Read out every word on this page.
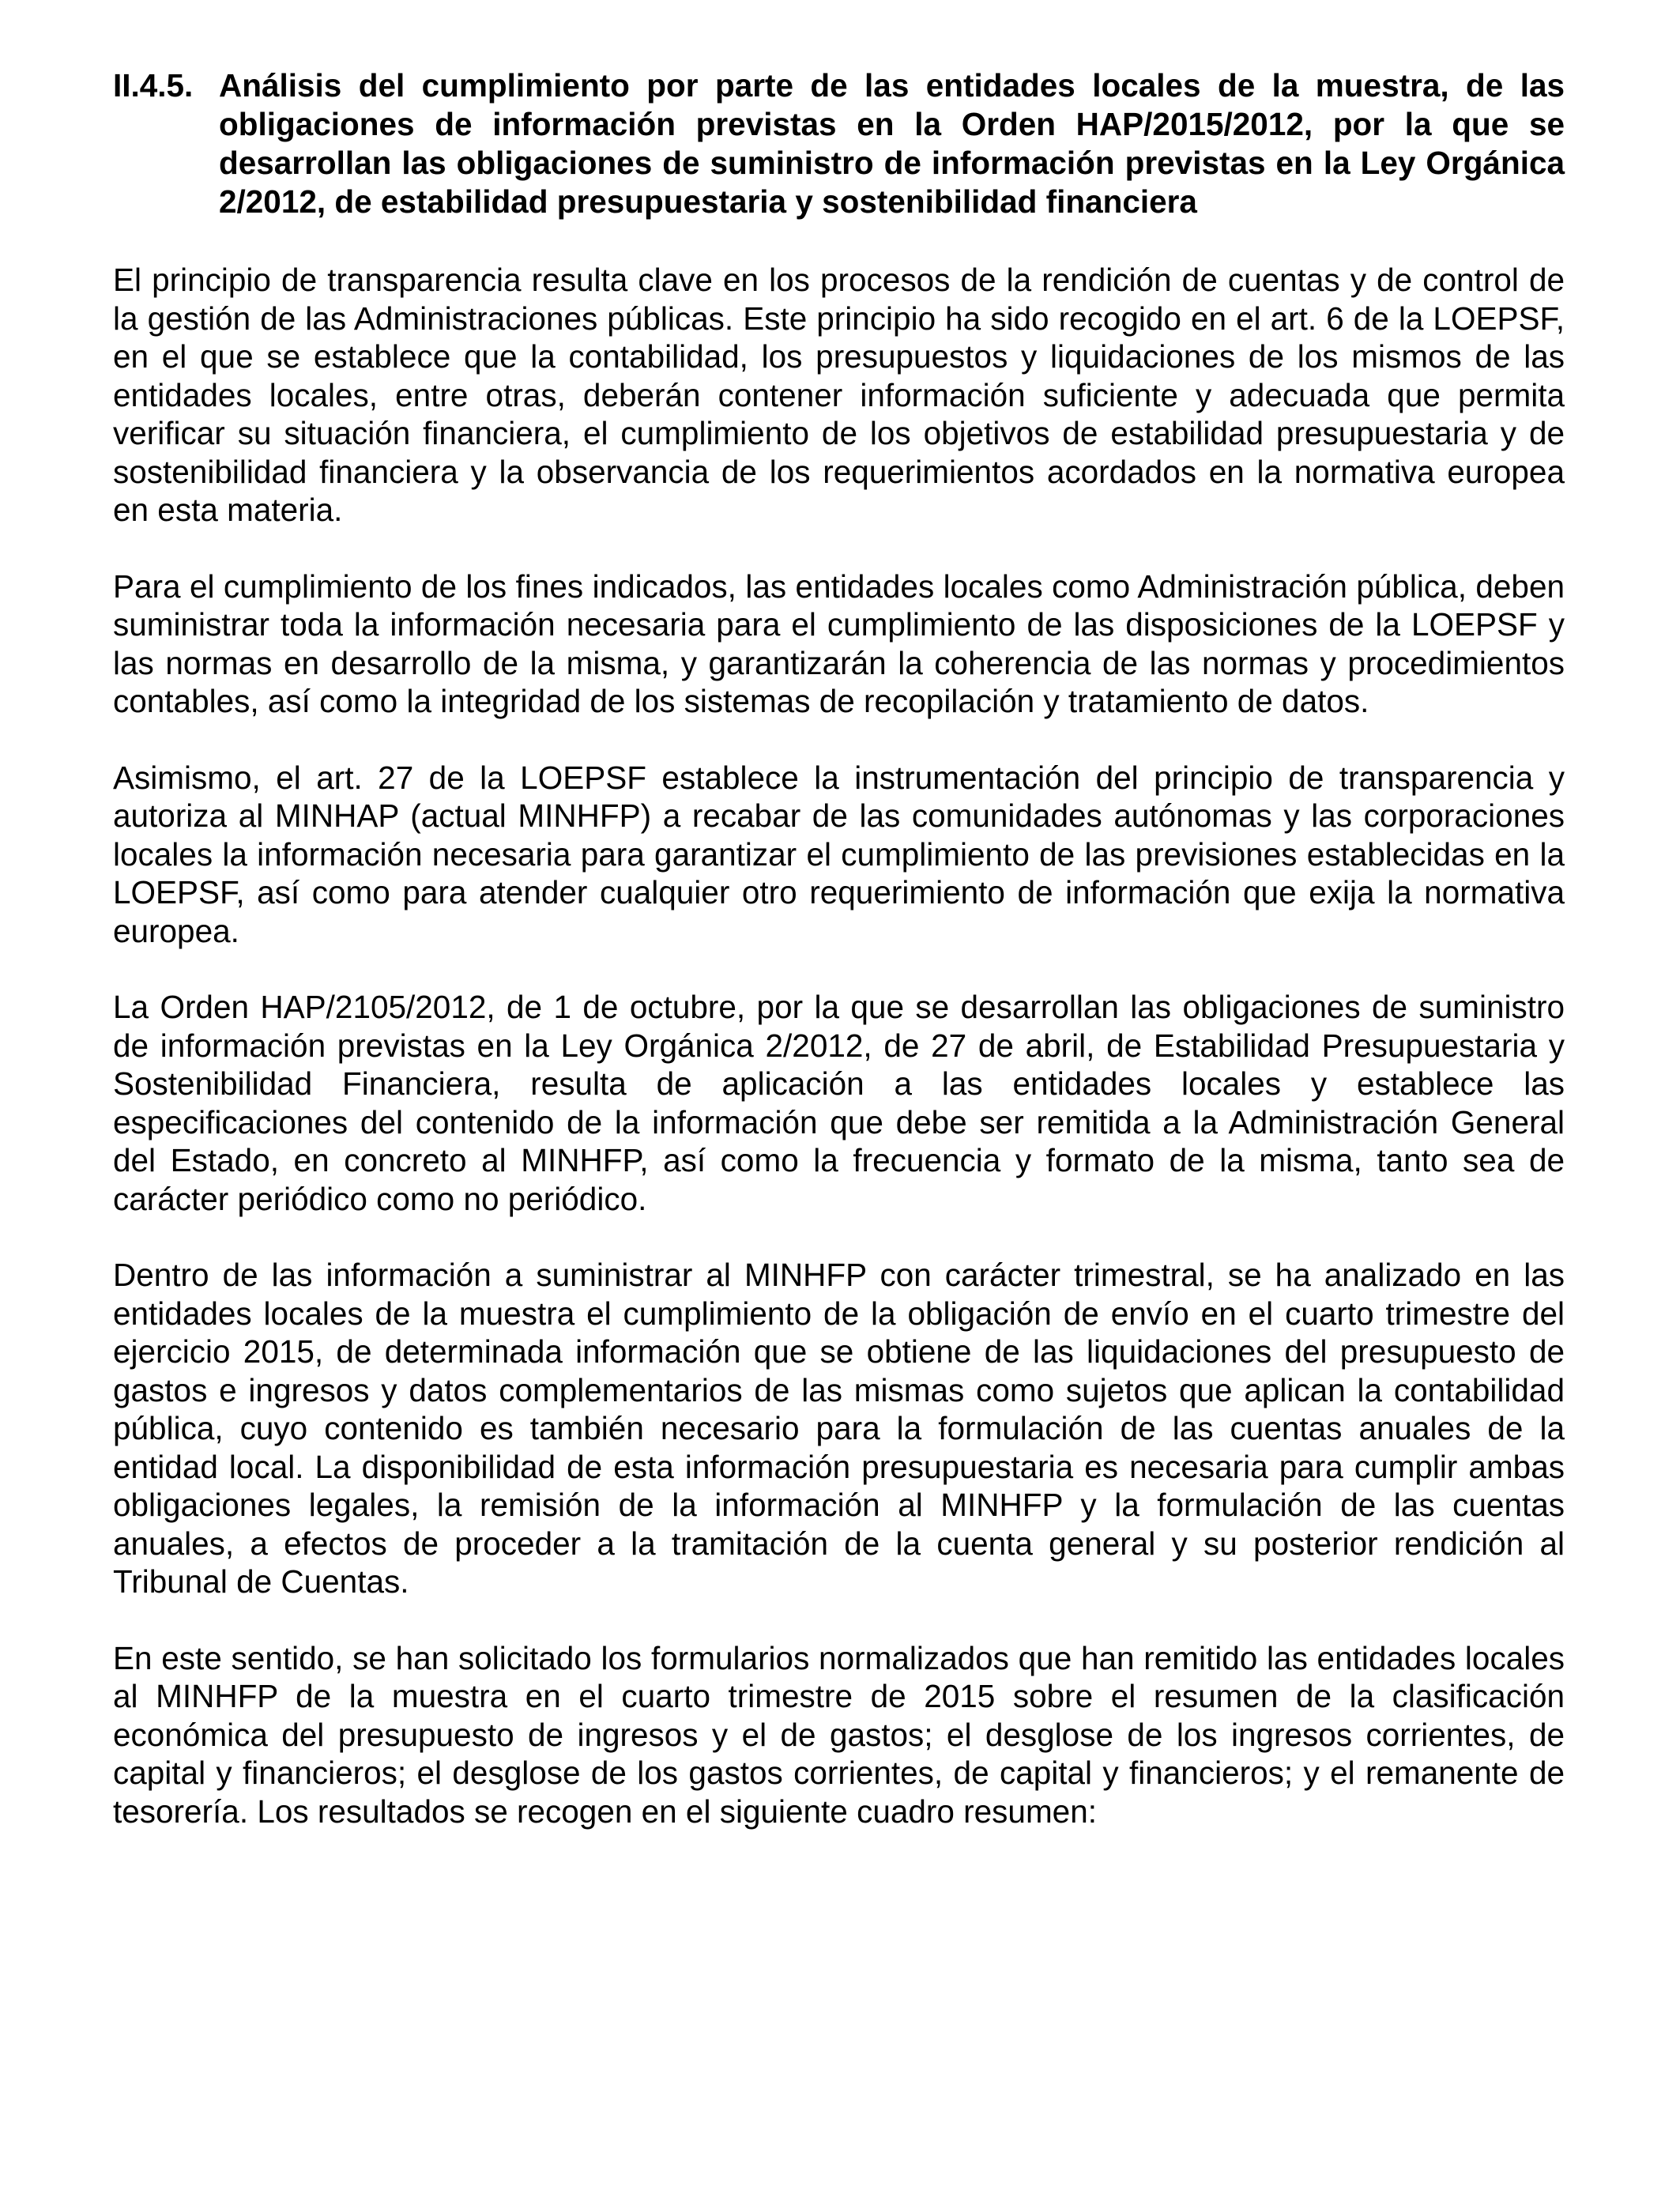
II.4.5. Análisis del cumplimiento por parte de las entidades locales de la muestra, de las obligaciones de información previstas en la Orden HAP/2015/2012, por la que se desarrollan las obligaciones de suministro de información previstas en la Ley Orgánica 2/2012, de estabilidad presupuestaria y sostenibilidad financiera

El principio de transparencia resulta clave en los procesos de la rendición de cuentas y de control de la gestión de las Administraciones públicas. Este principio ha sido recogido en el art. 6 de la LOEPSF, en el que se establece que la contabilidad, los presupuestos y liquidaciones de los mismos de las entidades locales, entre otras, deberán contener información suficiente y adecuada que permita verificar su situación financiera, el cumplimiento de los objetivos de estabilidad presupuestaria y de sostenibilidad financiera y la observancia de los requerimientos acordados en la normativa europea en esta materia.

Para el cumplimiento de los fines indicados, las entidades locales como Administración pública, deben suministrar toda la información necesaria para el cumplimiento de las disposiciones de la LOEPSF y las normas en desarrollo de la misma, y garantizarán la coherencia de las normas y procedimientos contables, así como la integridad de los sistemas de recopilación y tratamiento de datos.

Asimismo, el art. 27 de la LOEPSF establece la instrumentación del principio de transparencia y autoriza al MINHAP (actual MINHFP) a recabar de las comunidades autónomas y las corporaciones locales la información necesaria para garantizar el cumplimiento de las previsiones establecidas en la LOEPSF, así como para atender cualquier otro requerimiento de información que exija la normativa europea.

La Orden HAP/2105/2012, de 1 de octubre, por la que se desarrollan las obligaciones de suministro de información previstas en la Ley Orgánica 2/2012, de 27 de abril, de Estabilidad Presupuestaria y Sostenibilidad Financiera, resulta de aplicación a las entidades locales y establece las especificaciones del contenido de la información que debe ser remitida a la Administración General del Estado, en concreto al MINHFP, así como la frecuencia y formato de la misma, tanto sea de carácter periódico como no periódico.

Dentro de las información a suministrar al MINHFP con carácter trimestral, se ha analizado en las entidades locales de la muestra el cumplimiento de la obligación de envío en el cuarto trimestre del ejercicio 2015, de determinada información que se obtiene de las liquidaciones del presupuesto de gastos e ingresos y datos complementarios de las mismas como sujetos que aplican la contabilidad pública, cuyo contenido es también necesario para la formulación de las cuentas anuales de la entidad local. La disponibilidad de esta información presupuestaria es necesaria para cumplir ambas obligaciones legales, la remisión de la información al MINHFP y la formulación de las cuentas anuales, a efectos de proceder a la tramitación de la cuenta general y su posterior rendición al Tribunal de Cuentas.

En este sentido, se han solicitado los formularios normalizados que han remitido las entidades locales al MINHFP de la muestra en el cuarto trimestre de 2015 sobre el resumen de la clasificación económica del presupuesto de ingresos y el de gastos; el desglose de los ingresos corrientes, de capital y financieros; el desglose de los gastos corrientes, de capital y financieros; y el remanente de tesorería. Los resultados se recogen en el siguiente cuadro resumen:
